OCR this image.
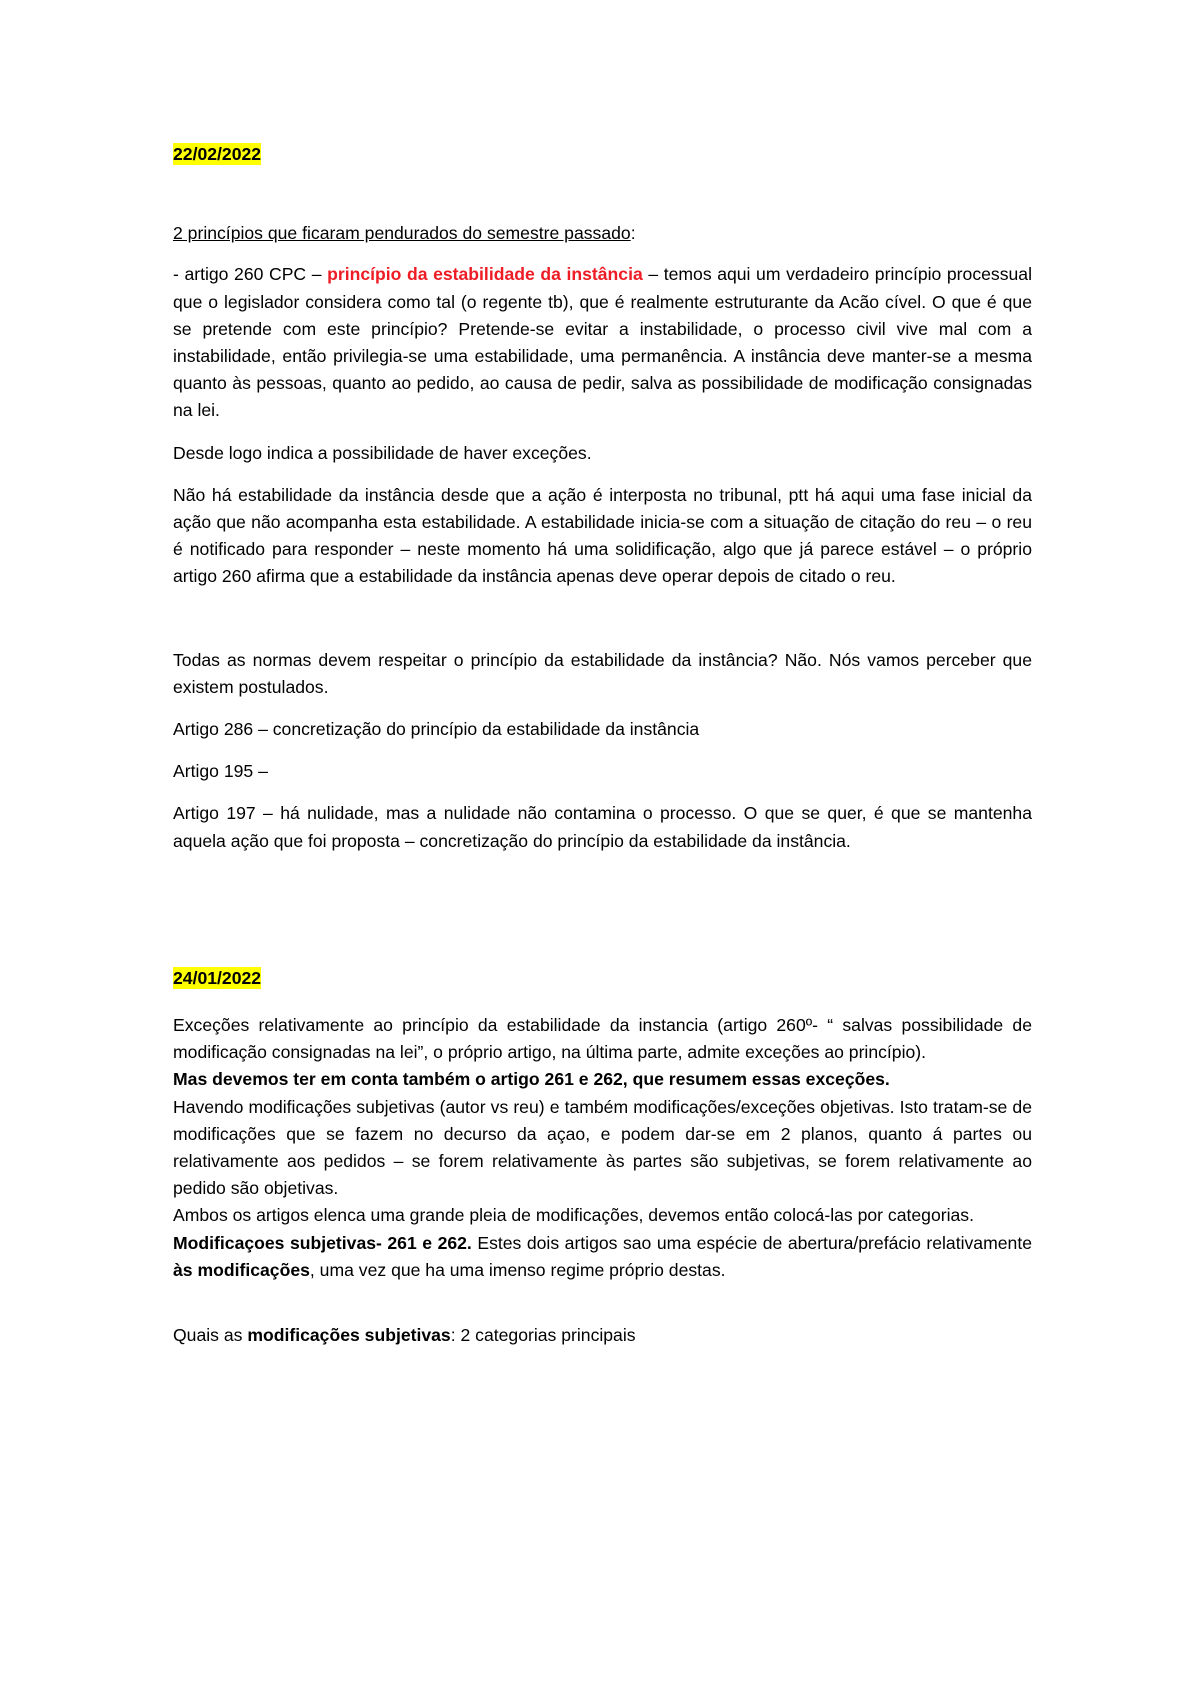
22/02/2022

2 princípios que ficaram pendurados do semestre passado:

- artigo 260 CPC – princípio da estabilidade da instância – temos aqui um verdadeiro princípio processual que o legislador considera como tal (o regente tb), que é realmente estruturante da Acão cível. O que é que se pretende com este princípio? Pretende-se evitar a instabilidade, o processo civil vive mal com a instabilidade, então privilegia-se uma estabilidade, uma permanência. A instância deve manter-se a mesma quanto às pessoas, quanto ao pedido, ao causa de pedir, salva as possibilidade de modificação consignadas na lei.

Desde logo indica a possibilidade de haver exceções.

Não há estabilidade da instância desde que a ação é interposta no tribunal, ptt há aqui uma fase inicial da ação que não acompanha esta estabilidade. A estabilidade inicia-se com a situação de citação do reu – o reu é notificado para responder – neste momento há uma solidificação, algo que já parece estável – o próprio artigo 260 afirma que a estabilidade da instância apenas deve operar depois de citado o reu.

Todas as normas devem respeitar o princípio da estabilidade da instância? Não. Nós vamos perceber que existem postulados.

Artigo 286 – concretização do princípio da estabilidade da instância

Artigo 195 –

Artigo 197 – há nulidade, mas a nulidade não contamina o processo. O que se quer, é que se mantenha aquela ação que foi proposta – concretização do princípio da estabilidade da instância.

24/01/2022

Exceções relativamente ao princípio da estabilidade da instancia (artigo 260º- “ salvas possibilidade de modificação consignadas na lei”, o próprio artigo, na última parte, admite exceções ao princípio).

Mas devemos ter em conta também o artigo 261 e 262, que resumem essas exceções.

Havendo modificações subjetivas (autor vs reu) e também modificações/exceções objetivas. Isto tratam-se de modificações que se fazem no decurso da açao, e podem dar-se em 2 planos, quanto á partes ou relativamente aos pedidos – se forem relativamente às partes são subjetivas, se forem relativamente ao pedido são objetivas.

Ambos os artigos elenca uma grande pleia de modificações, devemos então colocá-las por categorias.

Modificaçoes subjetivas- 261 e 262. Estes dois artigos sao uma espécie de abertura/prefácio relativamente às modificações, uma vez que ha uma imenso regime próprio destas.

Quais as modificações subjetivas: 2 categorias principais
